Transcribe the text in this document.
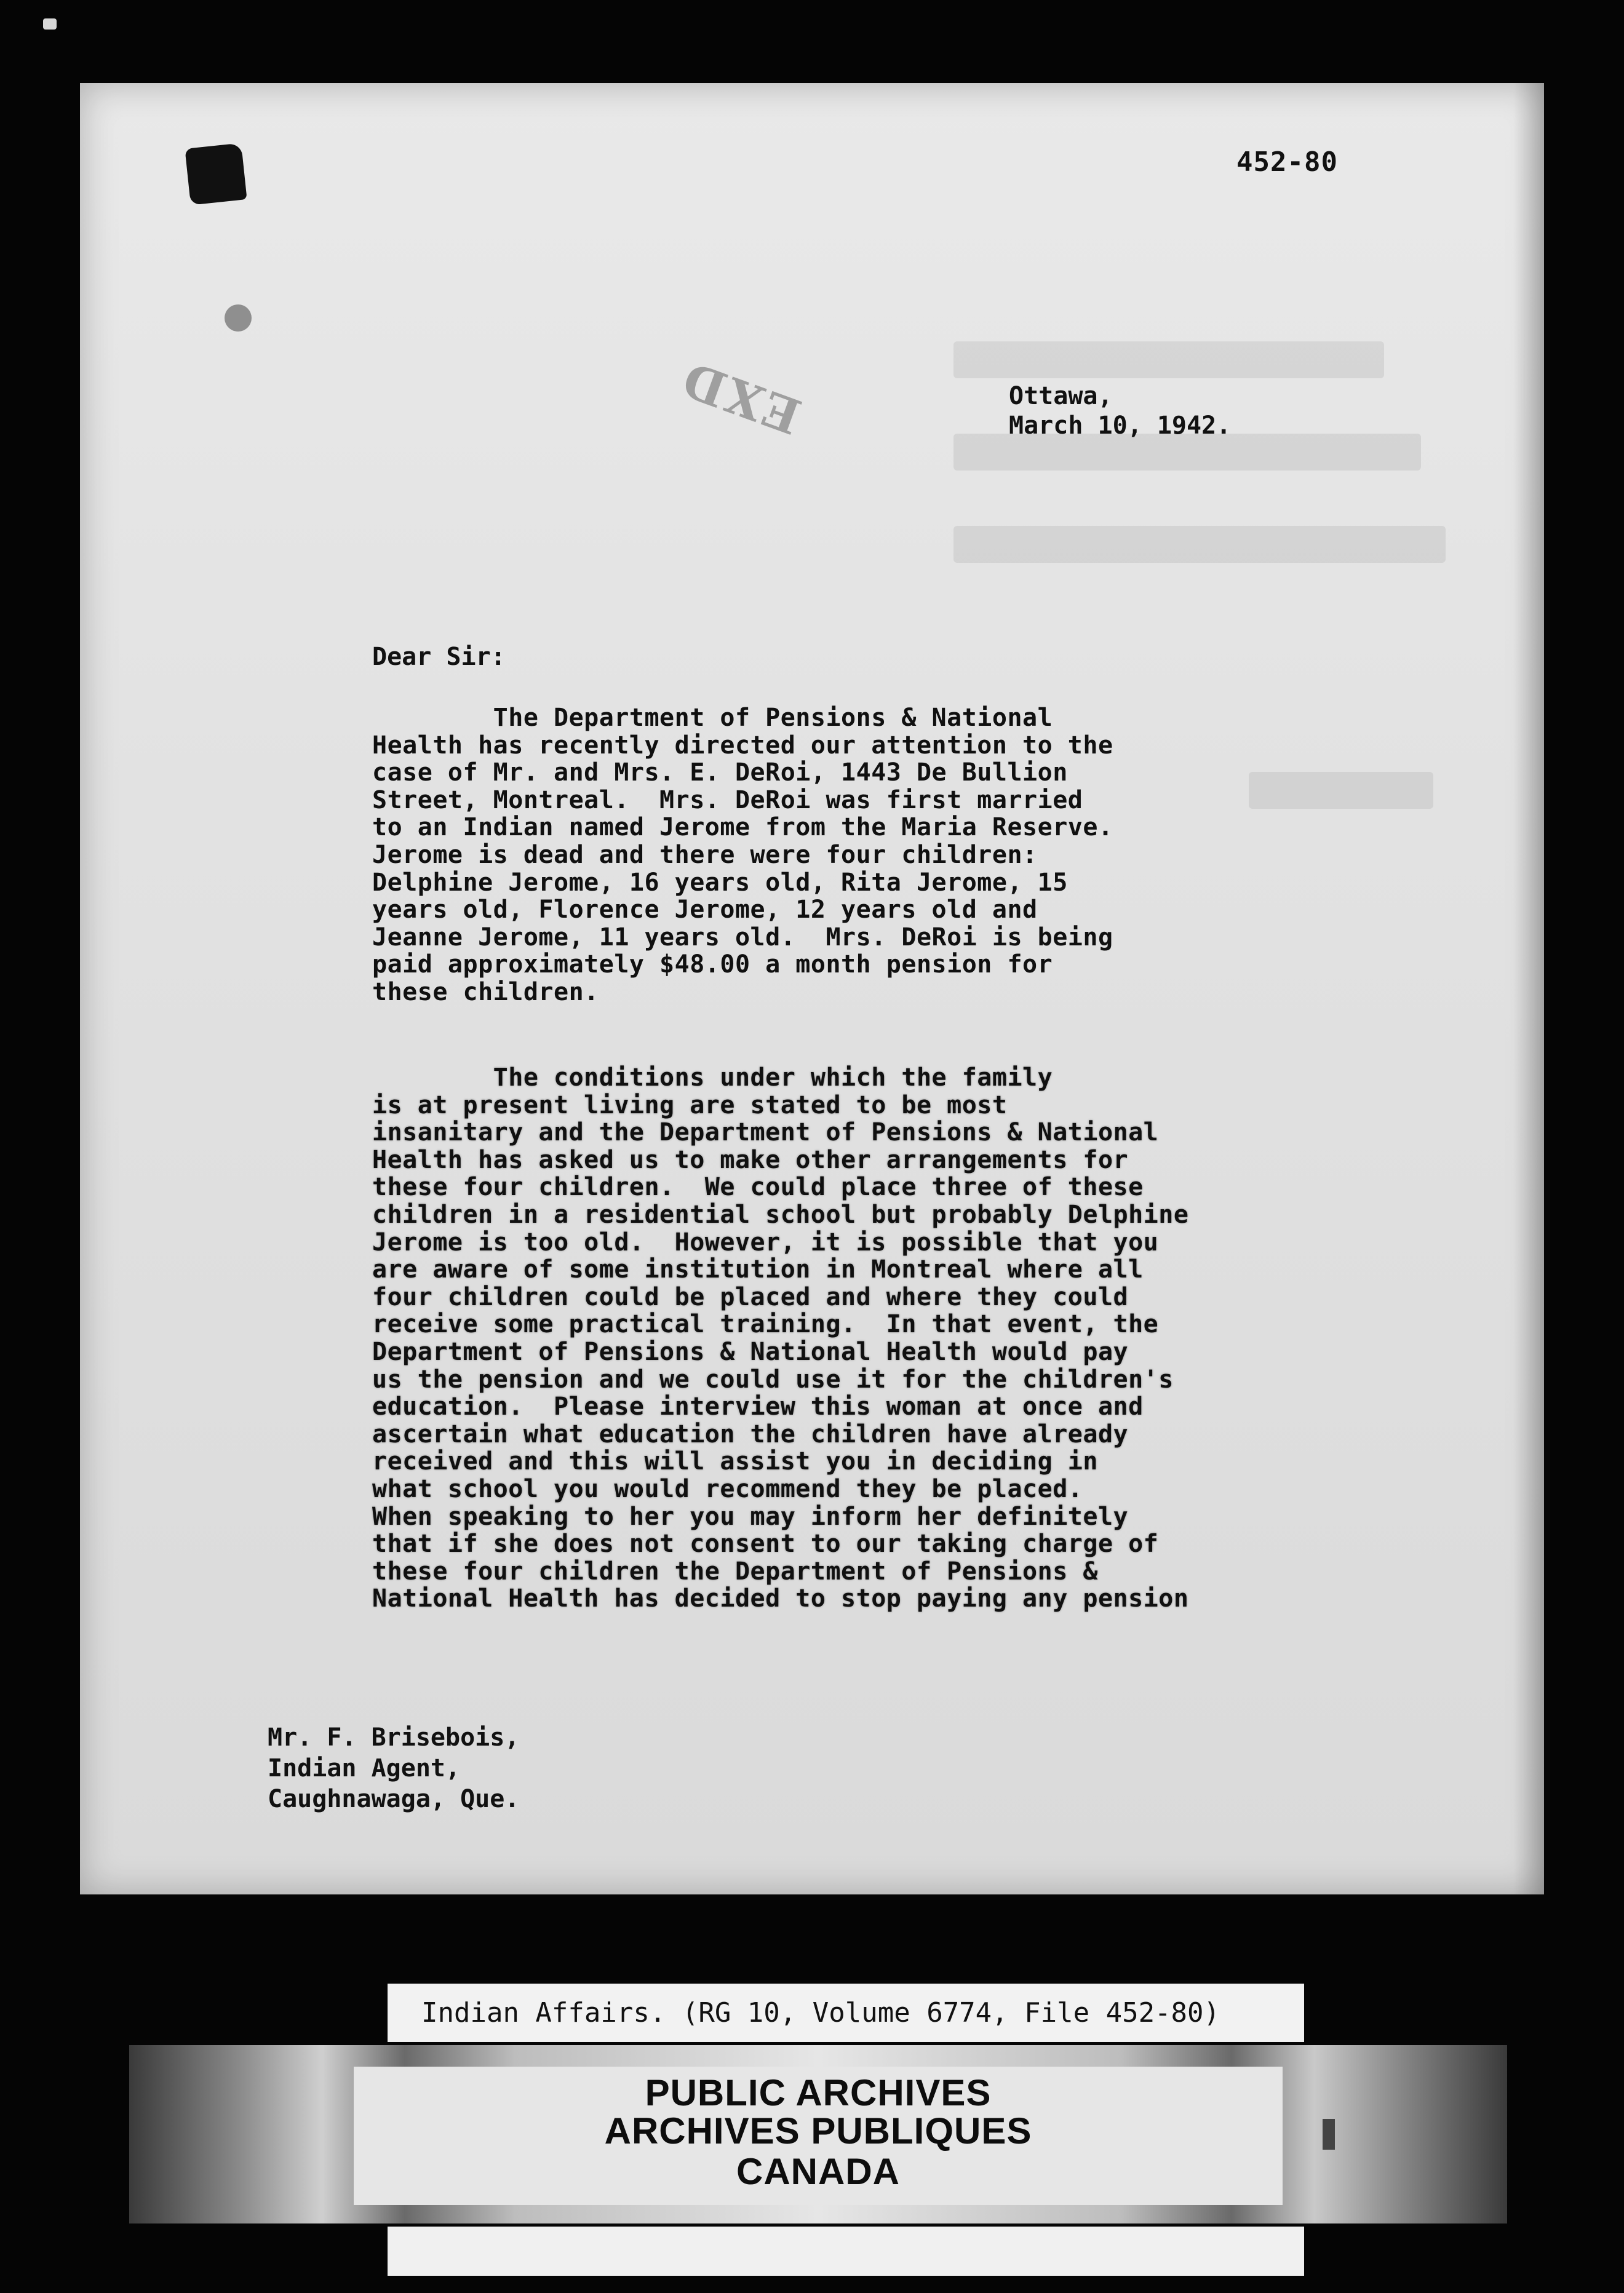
EXD
452-80
Ottawa,
March 10, 1942.
Dear Sir:
The Department of Pensions & National
Health has recently directed our attention to the
case of Mr. and Mrs. E. DeRoi, 1443 De Bullion
Street, Montreal.  Mrs. DeRoi was first married
to an Indian named Jerome from the Maria Reserve.
Jerome is dead and there were four children:
Delphine Jerome, 16 years old, Rita Jerome, 15
years old, Florence Jerome, 12 years old and
Jeanne Jerome, 11 years old.  Mrs. DeRoi is being
paid approximately $48.00 a month pension for
these children.
The conditions under which the family
is at present living are stated to be most
insanitary and the Department of Pensions & National
Health has asked us to make other arrangements for
these four children.  We could place three of these
children in a residential school but probably Delphine
Jerome is too old.  However, it is possible that you
are aware of some institution in Montreal where all
four children could be placed and where they could
receive some practical training.  In that event, the
Department of Pensions & National Health would pay
us the pension and we could use it for the children's
education.  Please interview this woman at once and
ascertain what education the children have already
received and this will assist you in deciding in
what school you would recommend they be placed.
When speaking to her you may inform her definitely
that if she does not consent to our taking charge of
these four children the Department of Pensions &
National Health has decided to stop paying any pension
Mr. F. Brisebois,
Indian Agent,
Caughnawaga, Que.
Indian Affairs. (RG 10, Volume 6774, File 452-80)
PUBLIC ARCHIVES
ARCHIVES PUBLIQUES
CANADA
